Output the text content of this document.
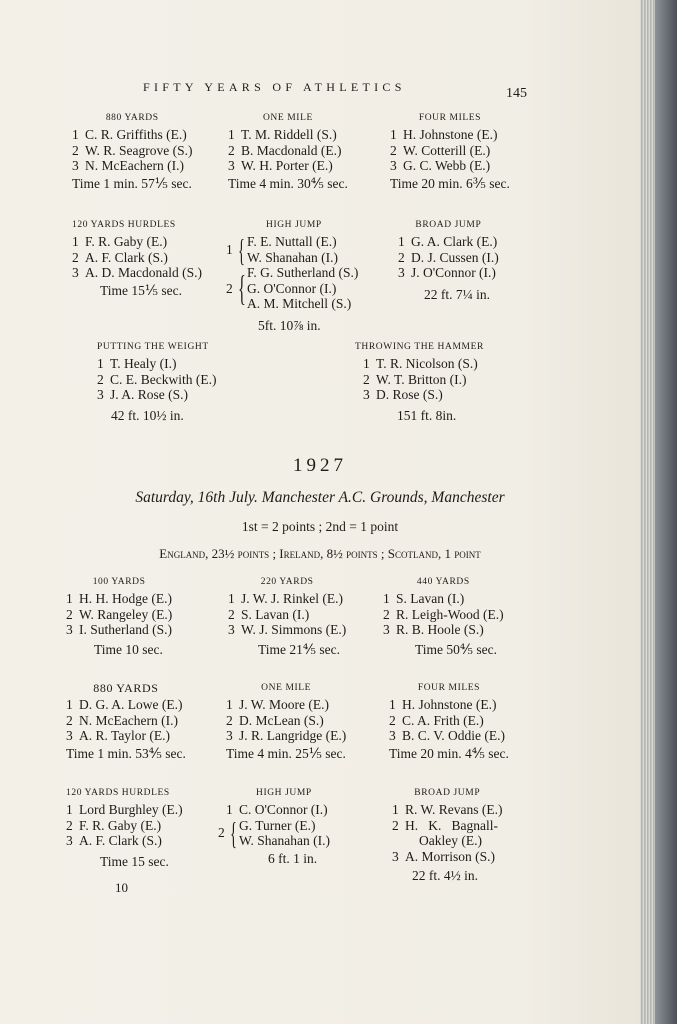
FIFTY YEARS OF ATHLETICS	145
880 YARDS
1 C. R. Griffiths (E.)
2 W. R. Seagrove (S.)
3 N. McEachern (I.)
Time 1 min. 57⅕ sec.
ONE MILE
1 T. M. Riddell (S.)
2 B. Macdonald (E.)
3 W. H. Porter (E.)
Time 4 min. 30⅘ sec.
FOUR MILES
1 H. Johnstone (E.)
2 W. Cotterill (E.)
3 G. C. Webb (E.)
Time 20 min. 6⅗ sec.
120 YARDS HURDLES
1 F. R. Gaby (E.)
2 A. F. Clark (S.)
3 A. D. Macdonald (S.)
Time 15⅕ sec.
HIGH JUMP
1 { F. E. Nuttall (E.)
W. Shanahan (I.)
2 { F. G. Sutherland (S.)
G. O'Connor (I.)
A. M. Mitchell (S.)
5ft. 10⅞ in.
BROAD JUMP
1 G. A. Clark (E.)
2 D. J. Cussen (I.)
3 J. O'Connor (I.)
22 ft. 7¼ in.
PUTTING THE WEIGHT
1 T. Healy (I.)
2 C. E. Beckwith (E.)
3 J. A. Rose (S.)
42 ft. 10½ in.
THROWING THE HAMMER
1 T. R. Nicolson (S.)
2 W. T. Britton (I.)
3 D. Rose (S.)
151 ft. 8in.
1927
Saturday, 16th July. Manchester A.C. Grounds, Manchester
1st = 2 points ; 2nd = 1 point
England, 23½ points ; Ireland, 8½ points ; Scotland, 1 point
100 YARDS
1 H. H. Hodge (E.)
2 W. Rangeley (E.)
3 I. Sutherland (S.)
Time 10 sec.
220 YARDS
1 J. W. J. Rinkel (E.)
2 S. Lavan (I.)
3 W. J. Simmons (E.)
Time 21⅘ sec.
440 YARDS
1 S. Lavan (I.)
2 R. Leigh-Wood (E.)
3 R. B. Hoole (S.)
Time 50⅘ sec.
880 YARDS
1 D. G. A. Lowe (E.)
2 N. McEachern (I.)
3 A. R. Taylor (E.)
Time 1 min. 53⅘ sec.
ONE MILE
1 J. W. Moore (E.)
2 D. McLean (S.)
3 J. R. Langridge (E.)
Time 4 min. 25⅕ sec.
FOUR MILES
1 H. Johnstone (E.)
2 C. A. Frith (E.)
3 B. C. V. Oddie (E.)
Time 20 min. 4⅘ sec.
120 YARDS HURDLES
1 Lord Burghley (E.)
2 F. R. Gaby (E.)
3 A. F. Clark (S.)
Time 15 sec.
HIGH JUMP
1 C. O'Connor (I.)
2 { G. Turner (E.)
W. Shanahan (I.)
6 ft. 1 in.
BROAD JUMP
1 R. W. Revans (E.)
2 H.   K.   Bagnall-
Oakley (E.)
3 A. Morrison (S.)
22 ft. 4½ in.
10
